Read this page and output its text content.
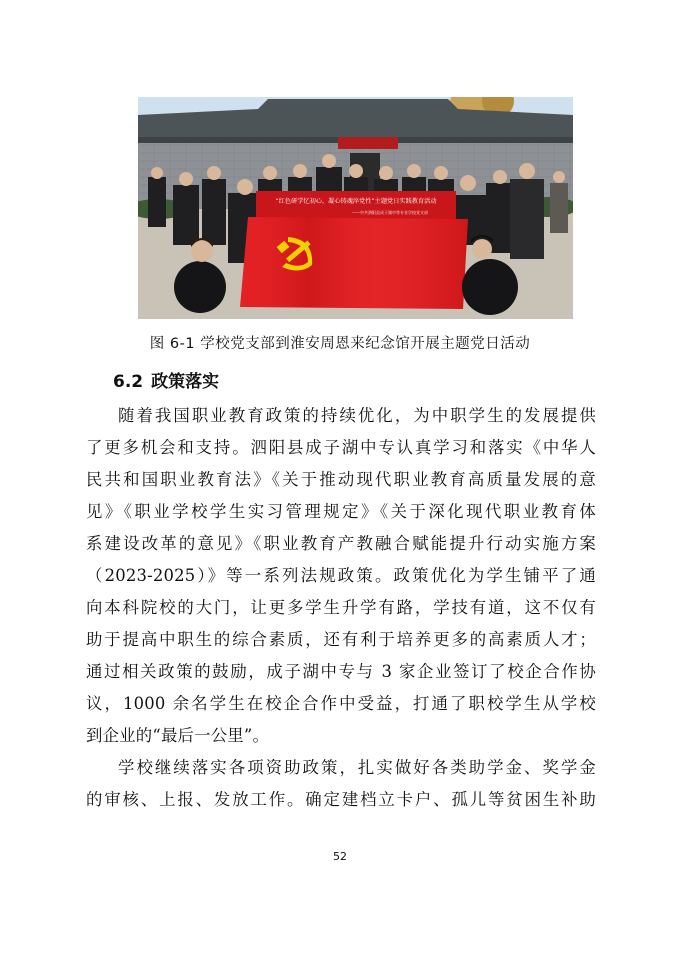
“红色研学忆初心，凝心铸魂淬党性”主题党日实践教育活动
——中共泗阳县成子湖中等专业学校党支部
图 6-1 学校党支部到淮安周恩来纪念馆开展主题党日活动
6.2 政策落实
随着我国职业教育政策的持续优化，为中职学生的发展提供
了更多机会和支持。泗阳县成子湖中专认真学习和落实《中华人
民共和国职业教育法》《关于推动现代职业教育高质量发展的意
见》《职业学校学生实习管理规定》《关于深化现代职业教育体
系建设改革的意见》《职业教育产教融合赋能提升行动实施方案
（2023-2025）》等一系列法规政策。政策优化为学生铺平了通
向本科院校的大门，让更多学生升学有路，学技有道，这不仅有
助于提高中职生的综合素质，还有利于培养更多的高素质人才；
通过相关政策的鼓励，成子湖中专与 3 家企业签订了校企合作协
议，1000 余名学生在校企合作中受益，打通了职校学生从学校
到企业的“最后一公里”。
学校继续落实各项资助政策，扎实做好各类助学金、奖学金
的审核、上报、发放工作。确定建档立卡户、孤儿等贫困生补助
52
